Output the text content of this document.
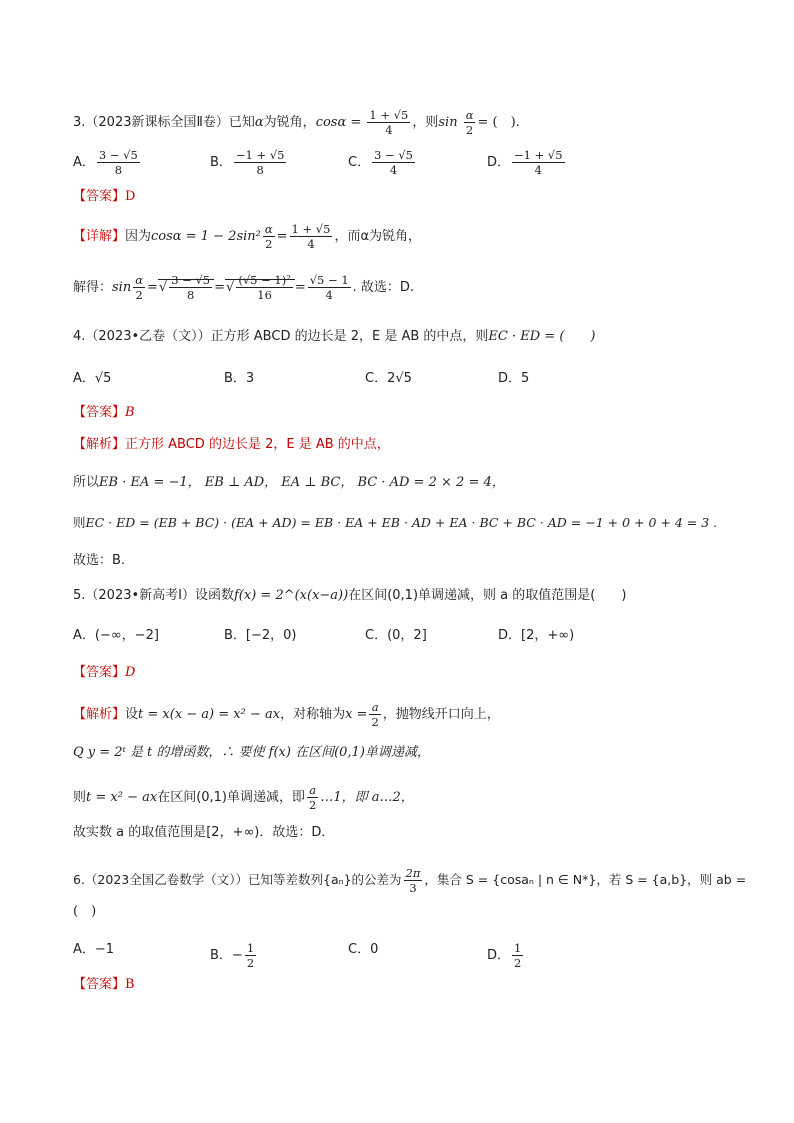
3.（2023新课标全国Ⅱ卷）已知α为锐角，$\cos\alpha = \frac{1 + √5}{4}$ ，则$\sin \frac{\alpha}{2}$ = (　).
A． $\frac{3 - √5}{8}$	B． $\frac{-1 + √5}{8}$	C． $\frac{3 - √5}{4}$	D． $\frac{-1 + √5}{4}$
【答案】D
【详解】因为$\cos\alpha = 1 - 2\sin^2 \frac{\alpha}{2} = \frac{1 + √5}{4}$ ，而α为锐角，
解得：$\sin \frac{\alpha}{2}$ =√ $\frac{3 - √5}{8}$ =√ $\frac{\text{(√5 − 1)²}}{16} = \frac{√5 - 1}{4}$ . 故选：D.
4.（2023•乙卷（文））正方形 ABCD 的边长是 2，E 是 AB 的中点，则EC · ED = (　　)
A．√5	B．3	C．2√5	D．5
【答案】B
【解析】正方形 ABCD 的边长是 2，E 是 AB 的中点，
所以EB · EA = −1， EB ⊥ AD， EA ⊥ BC， BC · AD = 2 × 2 = 4，
则EC · ED = (EB + BC) · (EA + AD) = EB · EA + EB · AD + EA · BC + BC · AD = −1 + 0 + 0 + 4 = 3 .
故选：B.
5.（2023•新高考Ⅰ）设函数f(x) = 2^(x(x−a))在区间(0,1)单调递减，则 a 的取值范围是(　　)
A．(−∞，−2]	B．[−2，0)	C．(0，2]	D．[2，+∞)
【答案】D
【解析】设t = x(x − a) = x² − ax，对称轴为$x = \frac{a}{2}$ ，抛物线开口向上，
Q y = 2ᵗ 是 t 的增函数，∴ 要使 f(x) 在区间(0,1)单调递减，
则t = x² − ax在区间(0,1)单调递减，即 $\frac{a}{2}$ …1，即 a…2，
故实数 a 的取值范围是[2，+∞)．故选：D．
6.（2023全国乙卷数学（文））已知等差数列{aₙ}的公差为 $\frac{2\pi}{3}$ ，集合 S = {cosaₙ | n ∈ N*}，若 S = {a,b}，则 ab =
(　)
A．−1	B．− $\frac{1}{2}$	C．0	D． $\frac{1}{2}$
【答案】B
